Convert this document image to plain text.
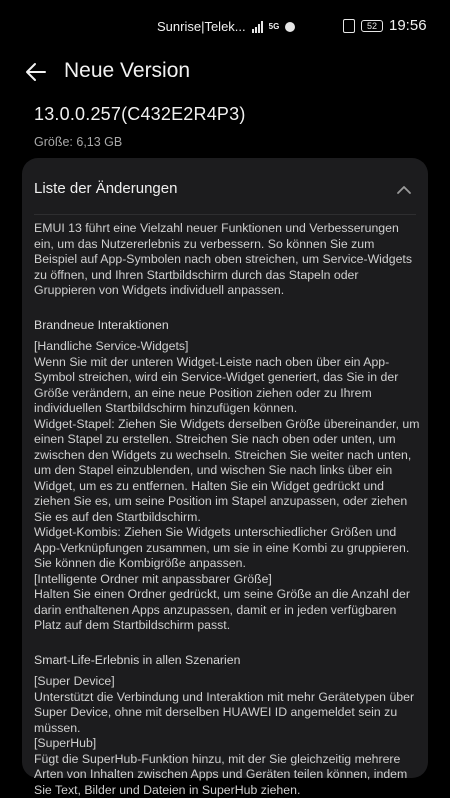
Sunrise|Telek...	5G	52 19:56
Neue Version
13.0.0.257(C432E2R4P3)
Größe: 6,13 GB
Liste der Änderungen

EMUI 13 führt eine Vielzahl neuer Funktionen und Verbesserungen ein, um das Nutzererlebnis zu verbessern. So können Sie zum Beispiel auf App-Symbolen nach oben streichen, um Service-Widgets zu öffnen, und Ihren Startbildschirm durch das Stapeln oder Gruppieren von Widgets individuell anpassen.

Brandneue Interaktionen

[Handliche Service-Widgets]

Wenn Sie mit der unteren Widget-Leiste nach oben über ein App-Symbol streichen, wird ein Service-Widget generiert, das Sie in der Größe verändern, an eine neue Position ziehen oder zu Ihrem individuellen Startbildschirm hinzufügen können.

Widget-Stapel: Ziehen Sie Widgets derselben Größe übereinander, um einen Stapel zu erstellen. Streichen Sie nach oben oder unten, um zwischen den Widgets zu wechseln. Streichen Sie weiter nach unten, um den Stapel einzublenden, und wischen Sie nach links über ein Widget, um es zu entfernen. Halten Sie ein Widget gedrückt und ziehen Sie es, um seine Position im Stapel anzupassen, oder ziehen Sie es auf den Startbildschirm.

Widget-Kombis: Ziehen Sie Widgets unterschiedlicher Größen und App-Verknüpfungen zusammen, um sie in eine Kombi zu gruppieren. Sie können die Kombigröße anpassen.

[Intelligente Ordner mit anpassbarer Größe]

Halten Sie einen Ordner gedrückt, um seine Größe an die Anzahl der darin enthaltenen Apps anzupassen, damit er in jeden verfügbaren Platz auf dem Startbildschirm passt.

Smart-Life-Erlebnis in allen Szenarien

[Super Device]

Unterstützt die Verbindung und Interaktion mit mehr Gerätetypen über Super Device, ohne mit derselben HUAWEI ID angemeldet sein zu müssen.

[SuperHub]

Fügt die SuperHub-Funktion hinzu, mit der Sie gleichzeitig mehrere Arten von Inhalten zwischen Apps und Geräten teilen können, indem Sie Text, Bilder und Dateien in SuperHub ziehen.
